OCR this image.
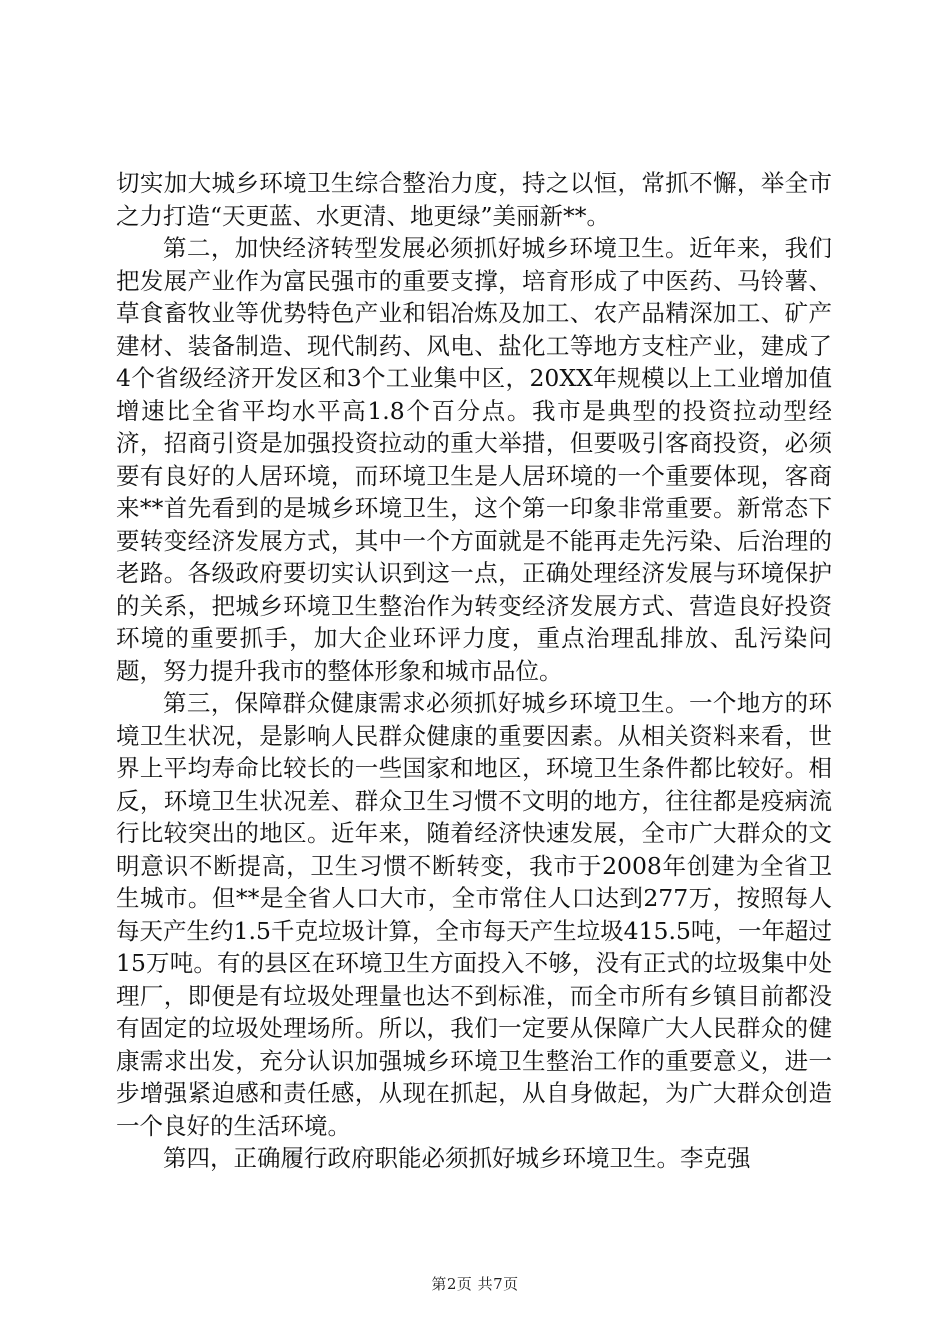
切实加大城乡环境卫生综合整治力度，持之以恒，常抓不懈，举全市之力打造“天更蓝、水更清、地更绿”美丽新**。

第二，加快经济转型发展必须抓好城乡环境卫生。近年来，我们把发展产业作为富民强市的重要支撑，培育形成了中医药、马铃薯、草食畜牧业等优势特色产业和铝冶炼及加工、农产品精深加工、矿产建材、装备制造、现代制药、风电、盐化工等地方支柱产业，建成了4个省级经济开发区和3个工业集中区，20XX年规模以上工业增加值增速比全省平均水平高1.8个百分点。我市是典型的投资拉动型经济，招商引资是加强投资拉动的重大举措，但要吸引客商投资，必须要有良好的人居环境，而环境卫生是人居环境的一个重要体现，客商来**首先看到的是城乡环境卫生，这个第一印象非常重要。新常态下要转变经济发展方式，其中一个方面就是不能再走先污染、后治理的老路。各级政府要切实认识到这一点，正确处理经济发展与环境保护的关系，把城乡环境卫生整治作为转变经济发展方式、营造良好投资环境的重要抓手，加大企业环评力度，重点治理乱排放、乱污染问题，努力提升我市的整体形象和城市品位。

第三，保障群众健康需求必须抓好城乡环境卫生。一个地方的环境卫生状况，是影响人民群众健康的重要因素。从相关资料来看，世界上平均寿命比较长的一些国家和地区，环境卫生条件都比较好。相反，环境卫生状况差、群众卫生习惯不文明的地方，往往都是疫病流行比较突出的地区。近年来，随着经济快速发展，全市广大群众的文明意识不断提高，卫生习惯不断转变，我市于2008年创建为全省卫生城市。但**是全省人口大市，全市常住人口达到277万，按照每人每天产生约1.5千克垃圾计算，全市每天产生垃圾415.5吨，一年超过15万吨。有的县区在环境卫生方面投入不够，没有正式的垃圾集中处理厂，即便是有垃圾处理量也达不到标准，而全市所有乡镇目前都没有固定的垃圾处理场所。所以，我们一定要从保障广大人民群众的健康需求出发，充分认识加强城乡环境卫生整治工作的重要意义，进一步增强紧迫感和责任感，从现在抓起，从自身做起，为广大群众创造一个良好的生活环境。

第四，正确履行政府职能必须抓好城乡环境卫生。李克强

第2页 共7页
